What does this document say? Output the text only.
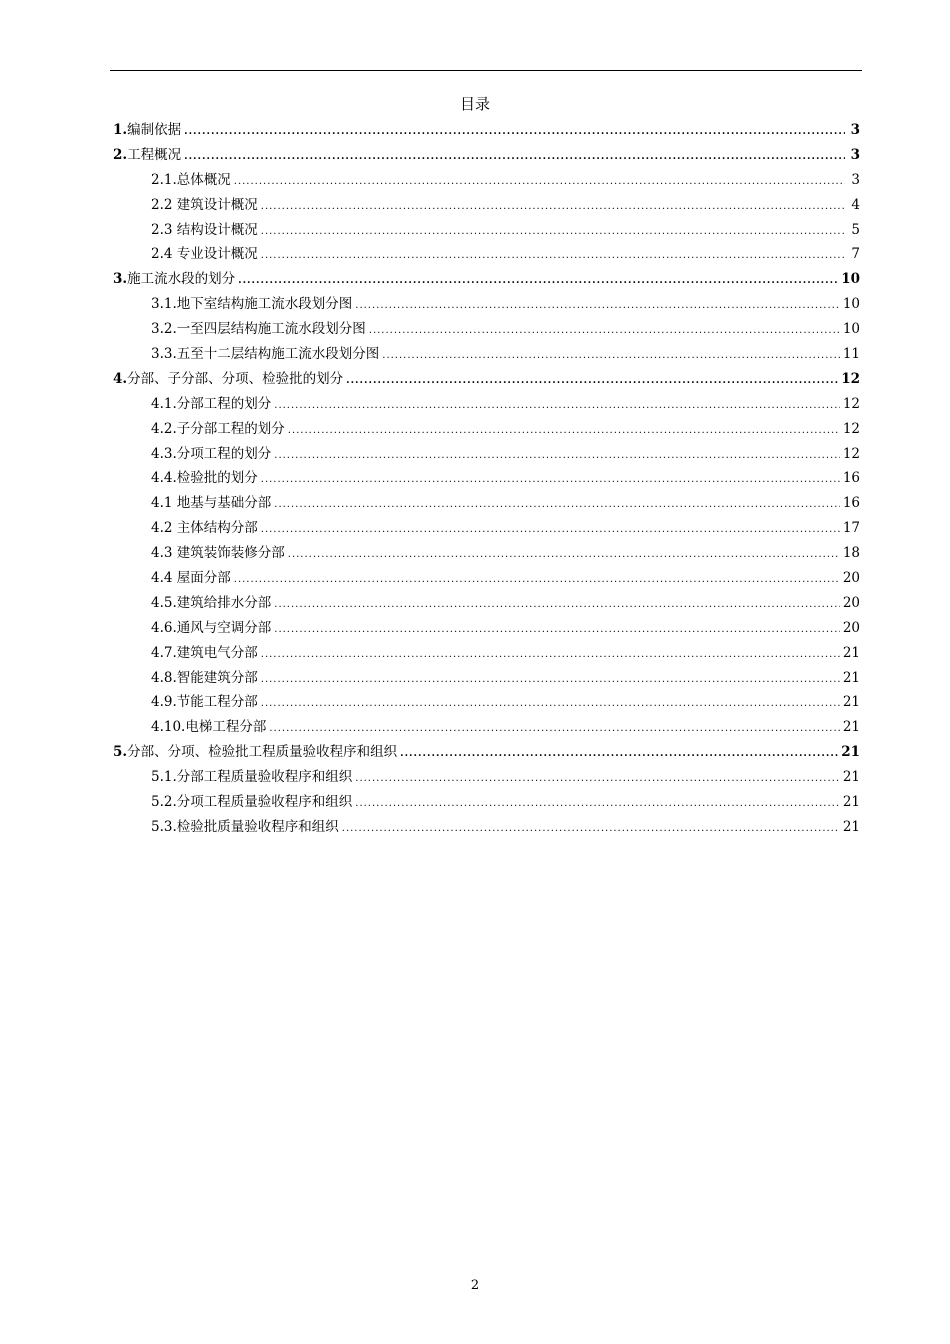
目录
1.编制依据 .....	3
2.工程概况 .....	3
2.1.总体概况 .....	3
2.2 建筑设计概况 .....	4
2.3 结构设计概况 .....	5
2.4 专业设计概况 .....	7
3.施工流水段的划分 .....	10
3.1.地下室结构施工流水段划分图 .....	10
3.2.一至四层结构施工流水段划分图 .....	10
3.3.五至十二层结构施工流水段划分图 .....	11
4.分部、子分部、分项、检验批的划分 .....	12
4.1.分部工程的划分 .....	12
4.2.子分部工程的划分 .....	12
4.3.分项工程的划分 .....	12
4.4.检验批的划分 .....	16
4.1 地基与基础分部 .....	16
4.2 主体结构分部 .....	17
4.3 建筑装饰装修分部 .....	18
4.4 屋面分部 .....	20
4.5.建筑给排水分部 .....	20
4.6.通风与空调分部 .....	20
4.7.建筑电气分部 .....	21
4.8.智能建筑分部 .....	21
4.9.节能工程分部 .....	21
4.10.电梯工程分部 .....	21
5.分部、分项、检验批工程质量验收程序和组织 .....	21
5.1.分部工程质量验收程序和组织 .....	21
5.2.分项工程质量验收程序和组织 .....	21
5.3.检验批质量验收程序和组织 .....	21
2
